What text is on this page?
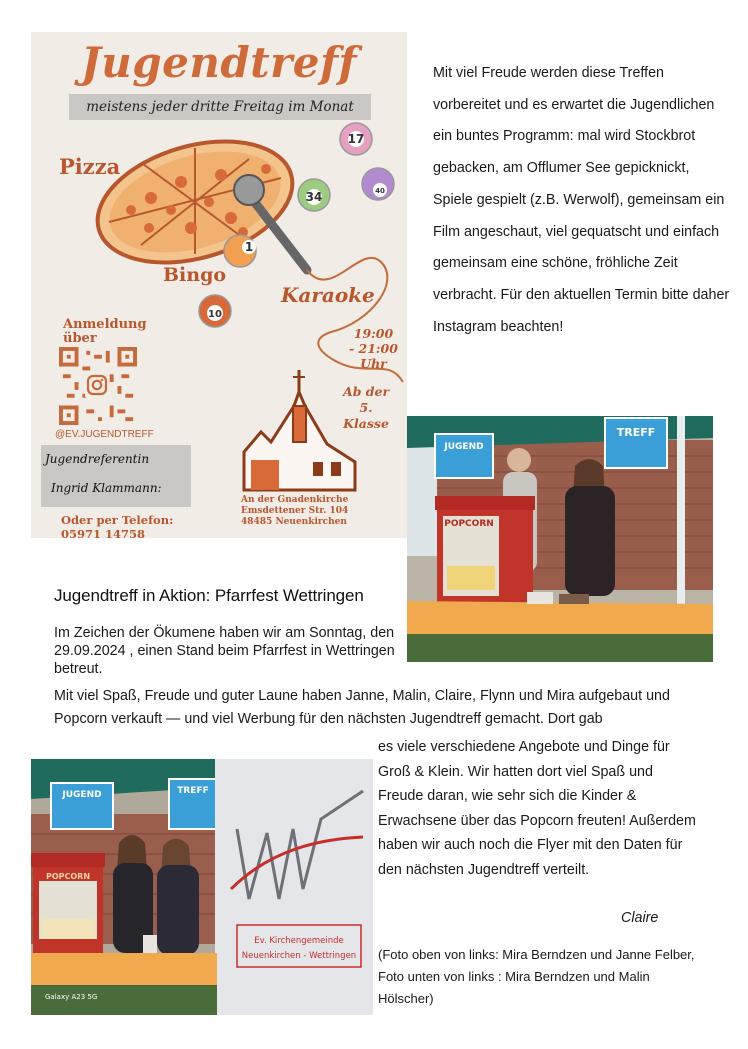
Jugendtreff
meistens jeder dritte Freitag im Monat
17
34	40
1
10
Pizza
Bingo
Karaoke
19:00
- 21:00
Uhr
Ab der
5.
Klasse
Anmeldung
über
@EV.JUGENDTREFF
Jugendreferentin
Ingrid Klammann:
An der Gnadenkirche
Emsdettener Str. 104
48485 Neuenkirchen
Oder per Telefon:
05971 14758
Mit viel Freude werden diese Treffen vorbereitet und es erwartet die Jugendlichen ein buntes Programm: mal wird Stockbrot gebacken, am Offlumer See gepicknickt, Spiele gespielt (z.B. Werwolf), gemeinsam ein Film angeschaut, viel gequatscht und einfach gemeinsam eine schöne, fröhliche Zeit verbracht. Für den aktuellen Termin bitte daher Instagram beachten!
JUGEND
TREFF
POPCORN
Jugendtreff in Aktion: Pfarrfest Wettringen
Im Zeichen der Ökumene haben wir am Sonntag, den 29.09.2024 , einen Stand beim Pfarrfest in Wettringen betreut.
Mit viel Spaß, Freude und guter Laune haben Janne, Malin, Claire, Flynn und Mira aufgebaut und Popcorn verkauft — und viel Werbung für den nächsten Jugendtreff gemacht. Dort gab
es viele verschiedene Angebote und Dinge für Groß & Klein. Wir hatten dort viel Spaß und Freude daran, wie sehr sich die Kinder & Erwachsene über das Popcorn freuten! Außerdem haben wir auch noch die Flyer mit den Daten für den nächsten Jugendtreff verteilt.
Claire
(Foto oben von links: Mira Berndzen und Janne Felber, Foto unten von links : Mira Berndzen und Malin Hölscher)
JUGEND	TREFF
Ev. Kirchengemeinde
Neuenkirchen - Wettringen
POPCORN
Galaxy A23 5G
